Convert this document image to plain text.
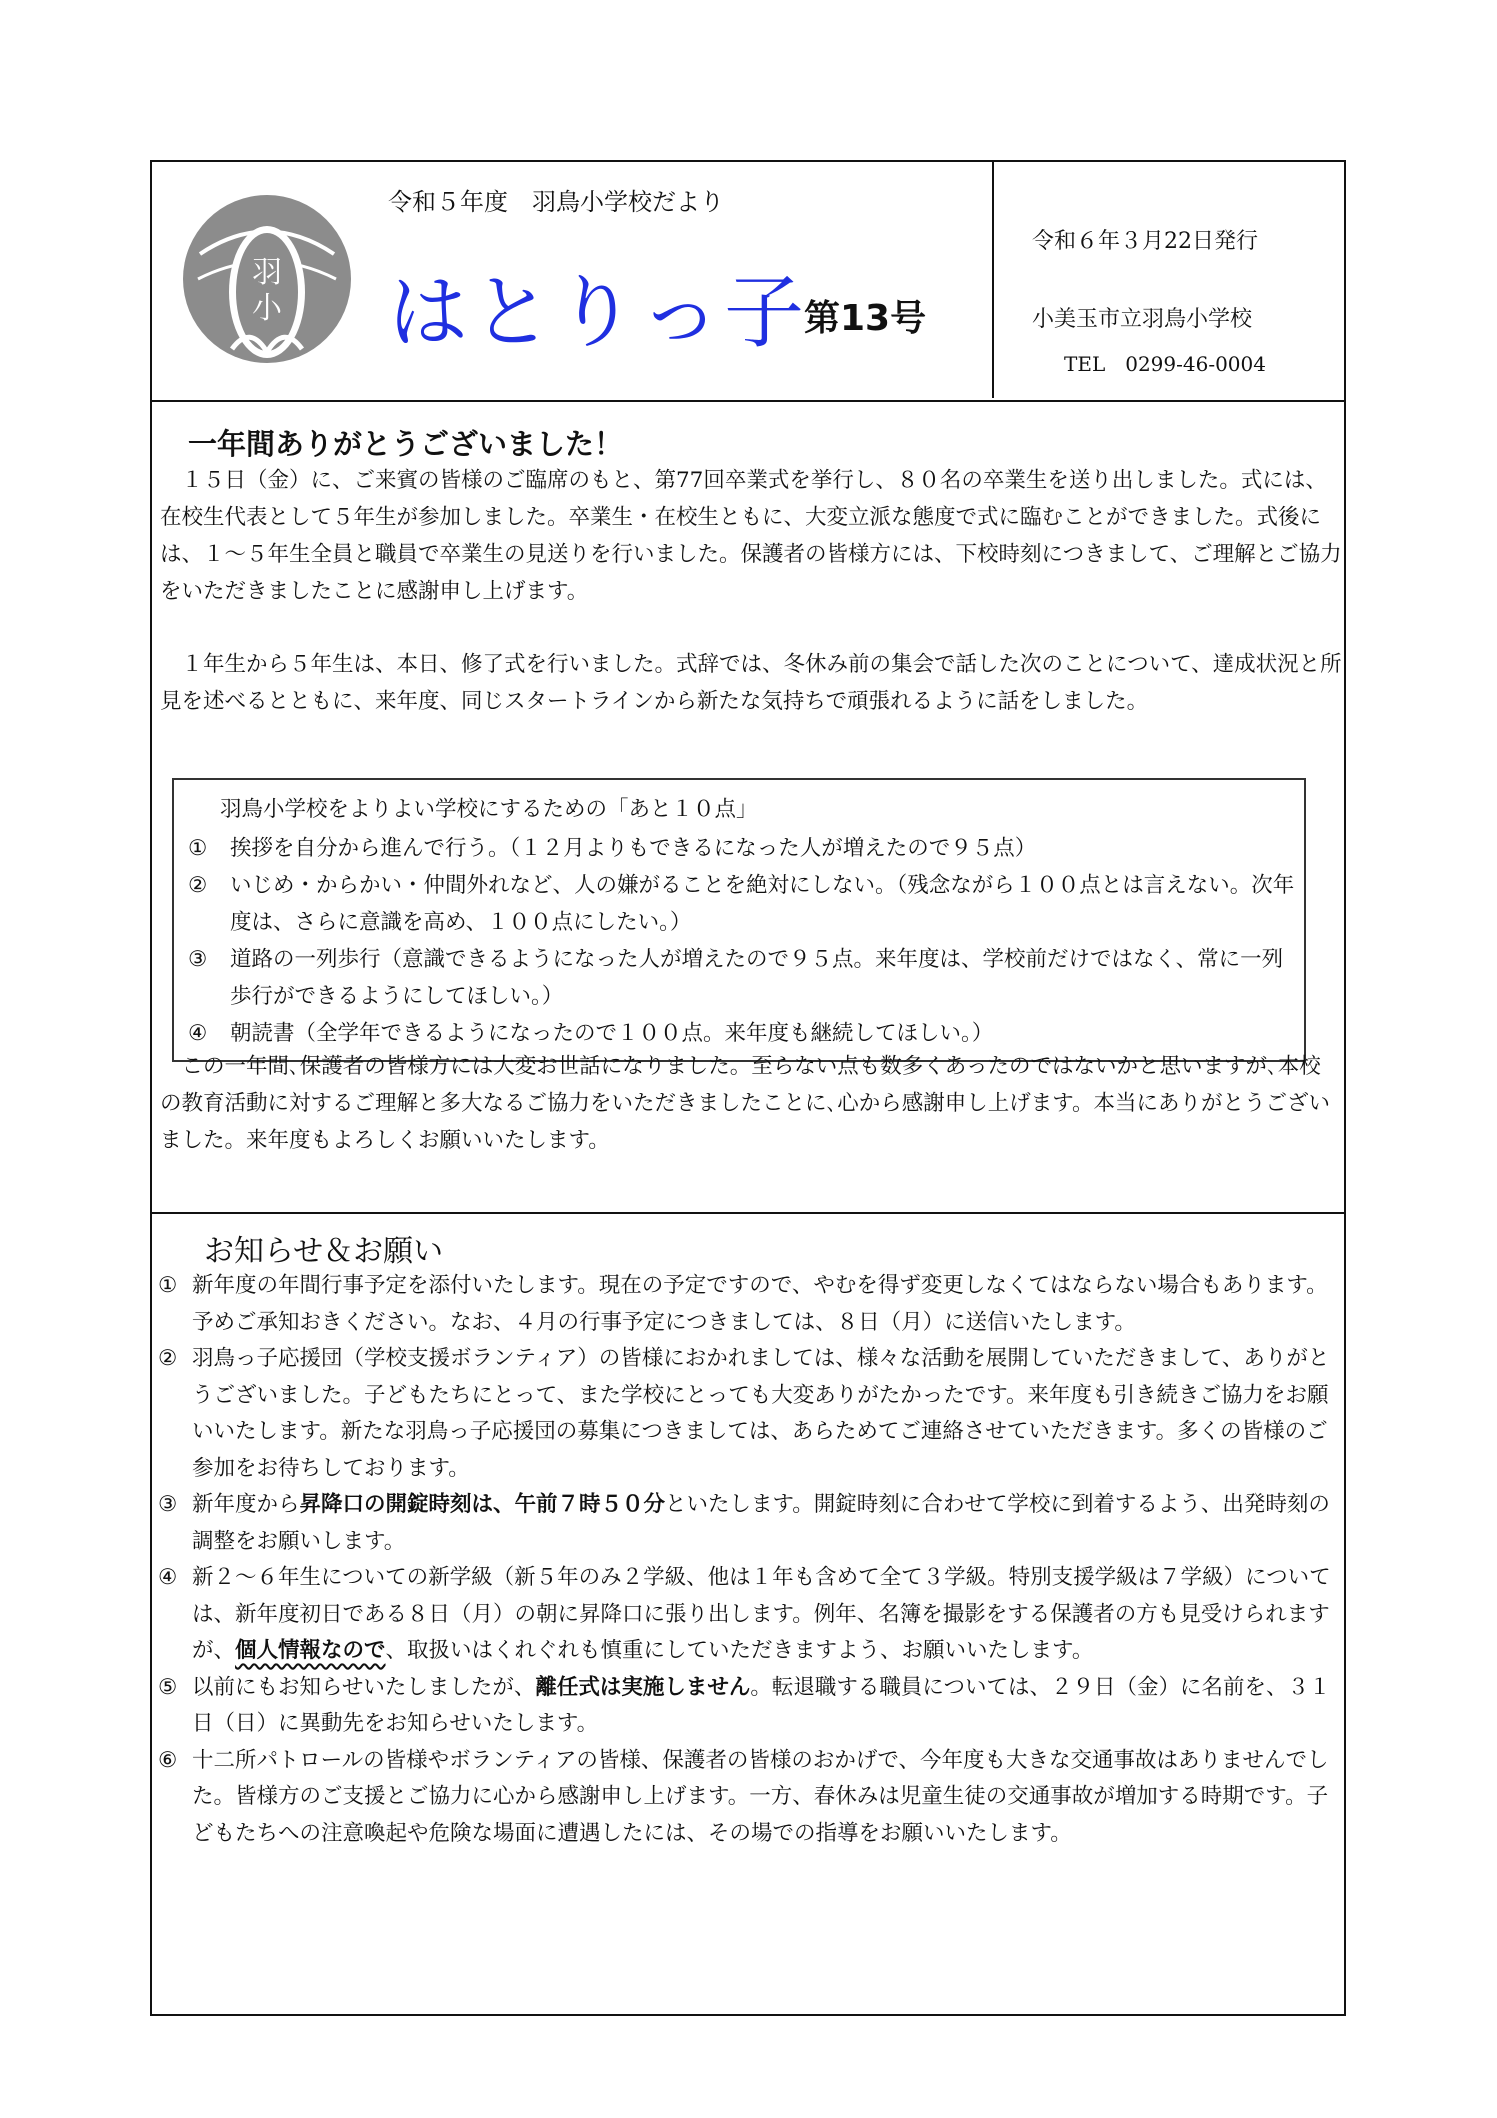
羽
小
令和５年度　羽鳥小学校だより
はとりっ子
第13号
令和６年３月22日発行
小美玉市立羽鳥小学校
TEL　0299-46-0004
一年間ありがとうございました！

　１５日（金）に、ご来賓の皆様のご臨席のもと、第77回卒業式を挙行し、８０名の卒業生を送り出しました。式には、在校生代表として５年生が参加しました。卒業生・在校生ともに、大変立派な態度で式に臨むことができました。式後には、１～５年生全員と職員で卒業生の見送りを行いました。保護者の皆様方には、下校時刻につきまして、ご理解とご協力をいただきましたことに感謝申し上げます。

　１年生から５年生は、本日、修了式を行いました。式辞では、冬休み前の集会で話した次のことについて、達成状況と所見を述べるとともに、来年度、同じスタートラインから新たな気持ちで頑張れるように話をしました。

羽鳥小学校をよりよい学校にするための「あと１０点」
①	挨拶を自分から進んで行う。（１２月よりもできるになった人が増えたので９５点）
②	いじめ・からかい・仲間外れなど、人の嫌がることを絶対にしない。（残念ながら１００点とは言えない。次年度は、さらに意識を高め、１００点にしたい。）
③	道路の一列歩行（意識できるようになった人が増えたので９５点。来年度は、学校前だけではなく、常に一列歩行ができるようにしてほしい。）
④	朝読書（全学年できるようになったので１００点。来年度も継続してほしい。）

　この一年間､保護者の皆様方には大変お世話になりました。至らない点も数多くあったのではないかと思いますが､本校の教育活動に対するご理解と多大なるご協力をいただきましたことに､心から感謝申し上げます。本当にありがとうございました。来年度もよろしくお願いいたします。

お知らせ＆お願い
① 新年度の年間行事予定を添付いたします。現在の予定ですので、やむを得ず変更しなくてはならない場合もあります。予めご承知おきください。なお、４月の行事予定につきましては、８日（月）に送信いたします。
② 羽鳥っ子応援団（学校支援ボランティア）の皆様におかれましては、様々な活動を展開していただきまして、ありがとうございました。子どもたちにとって、また学校にとっても大変ありがたかったです。来年度も引き続きご協力をお願いいたします。新たな羽鳥っ子応援団の募集につきましては、あらためてご連絡させていただきます。多くの皆様のご参加をお待ちしております。
③ 新年度から昇降口の開錠時刻は、午前７時５０分といたします。開錠時刻に合わせて学校に到着するよう、出発時刻の調整をお願いします。
④ 新２～６年生についての新学級（新５年のみ２学級、他は１年も含めて全て３学級。特別支援学級は７学級）については、新年度初日である８日（月）の朝に昇降口に張り出します。例年、名簿を撮影をする保護者の方も見受けられますが、個人情報なので、取扱いはくれぐれも慎重にしていただきますよう、お願いいたします。
⑤ 以前にもお知らせいたしましたが、離任式は実施しません。転退職する職員については、２９日（金）に名前を、３１日（日）に異動先をお知らせいたします。
⑥ 十二所パトロールの皆様やボランティアの皆様、保護者の皆様のおかげで、今年度も大きな交通事故はありませんでした。皆様方のご支援とご協力に心から感謝申し上げます。一方、春休みは児童生徒の交通事故が増加する時期です。子どもたちへの注意喚起や危険な場面に遭遇したには、その場での指導をお願いいたします。
